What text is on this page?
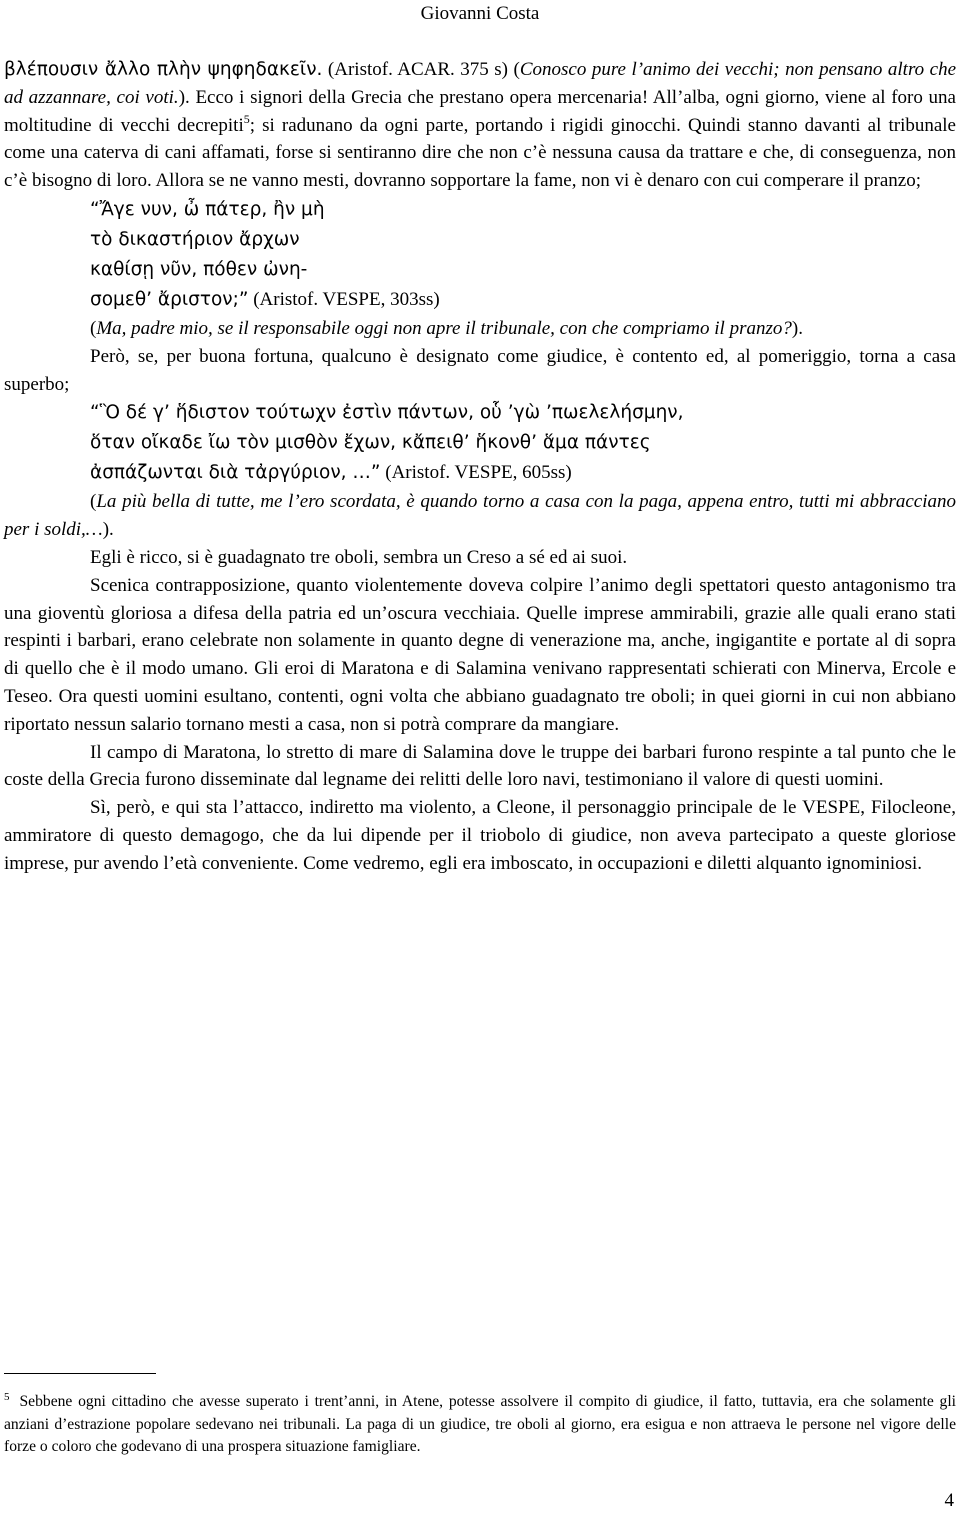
Giovanni Costa

βλέπουσιν ἄλλο πλὴν ψηφηδακεῖν. (Aristof. ACAR. 375 s) (Conosco pure l’animo dei vecchi; non pensano altro che ad azzannare, coi voti.). Ecco i signori della Grecia che prestano opera mercenaria! All’alba, ogni giorno, viene al foro una moltitudine di vecchi decrepiti$^5$; si radunano da ogni parte, portando i rigidi ginocchi. Quindi stanno davanti al tribunale come una caterva di cani affamati, forse si sentiranno dire che non c’è nessuna causa da trattare e che, di conseguenza, non c’è bisogno di loro. Allora se ne vanno mesti, dovranno sopportare la fame, non vi è denaro con cui comperare il pranzo;

“Ἄγε νυν, ὦ πάτερ, ἢν μὴ
τὸ δικαστήριον ἄρχων
καθίσῃ νῦν, πόθεν ὠνη-
σομεθ’ ἄριστον;” (Aristof. VESPE, 303ss)

(Ma, padre mio, se il responsabile oggi non apre il tribunale, con che compriamo il pranzo?).

Però, se, per buona fortuna, qualcuno è designato come giudice, è contento ed, al pomeriggio, torna a casa superbo;

“Ὃ δέ γ’ ἥδιστον τούτωχν ἐστὶν πάντων, οὗ ’γὼ ’πωελελήσμην,
ὅταν οἴκαδε ἴω τὸν μισθὸν ἔχων, κἄπειθ’ ἥκονθ’ ἅμα πάντες
ἀσπάζωνται διὰ τἀργύριον, …” (Aristof. VESPE, 605ss)

(La più bella di tutte, me l’ero scordata, è quando torno a casa con la paga, appena entro, tutti mi abbracciano per i soldi,…).

Egli è ricco, si è guadagnato tre oboli, sembra un Creso a sé ed ai suoi.

Scenica contrapposizione, quanto violentemente doveva colpire l’animo degli spettatori questo antagonismo tra una gioventù gloriosa a difesa della patria ed un’oscura vecchiaia. Quelle imprese ammirabili, grazie alle quali erano stati respinti i barbari, erano celebrate non solamente in quanto degne di venerazione ma, anche, ingigantite e portate al di sopra di quello che è il modo umano. Gli eroi di Maratona e di Salamina venivano rappresentati schierati con Minerva, Ercole e Teseo. Ora questi uomini esultano, contenti, ogni volta che abbiano guadagnato tre oboli; in quei giorni in cui non abbiano riportato nessun salario tornano mesti a casa, non si potrà comprare da mangiare.

Il campo di Maratona, lo stretto di mare di Salamina dove le truppe dei barbari furono respinte a tal punto che le coste della Grecia furono disseminate dal legname dei relitti delle loro navi, testimoniano il valore di questi uomini.

Sì, però, e qui sta l’attacco, indiretto ma violento, a Cleone, il personaggio principale de le VESPE, Filocleone, ammiratore di questo demagogo, che da lui dipende per il triobolo di giudice, non aveva partecipato a queste gloriose imprese, pur avendo l’età conveniente. Come vedremo, egli era imboscato, in occupazioni e diletti alquanto ignominiosi.

$^5$ Sebbene ogni cittadino che avesse superato i trent’anni, in Atene, potesse assolvere il compito di giudice, il fatto, tuttavia, era che solamente gli anziani d’estrazione popolare sedevano nei tribunali. La paga di un giudice, tre oboli al giorno, era esigua e non attraeva le persone nel vigore delle forze o coloro che godevano di una prospera situazione famigliare.
4
